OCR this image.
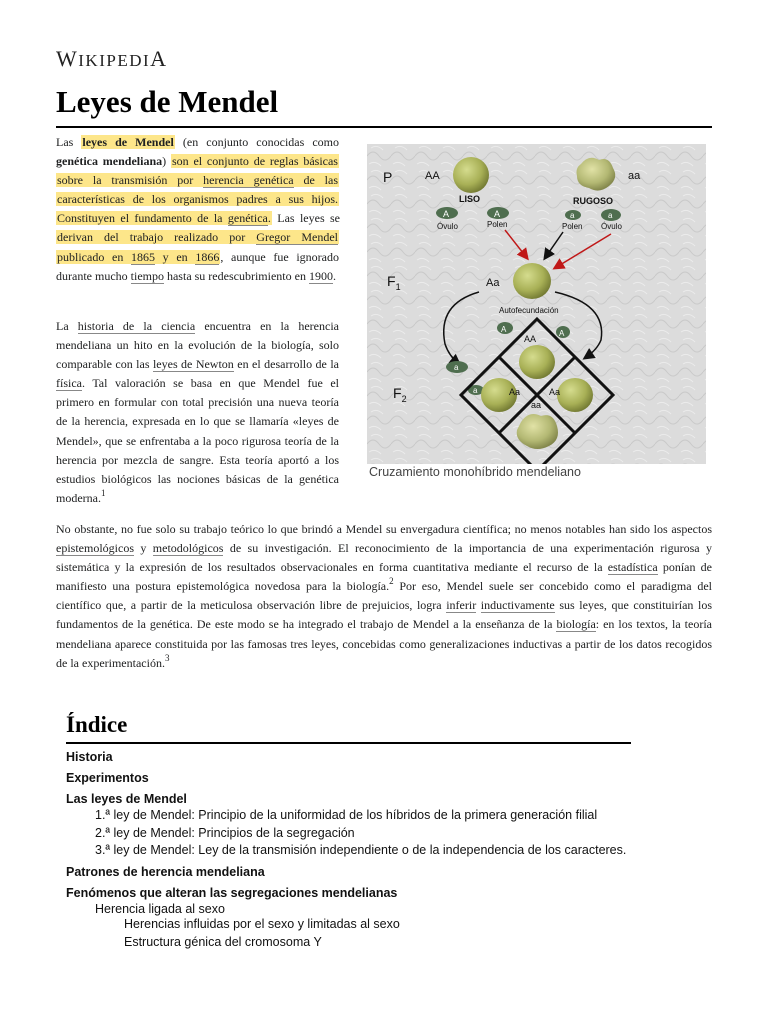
WIKIPEDIA
Leyes de Mendel
Las leyes de Mendel (en conjunto conocidas como genética mendeliana) son el conjunto de reglas básicas sobre la transmisión por herencia genética de las características de los organismos padres a sus hijos. Constituyen el fundamento de la genética. Las leyes se derivan del trabajo realizado por Gregor Mendel publicado en 1865 y en 1866, aunque fue ignorado durante mucho tiempo hasta su redescubrimiento en 1900.
La historia de la ciencia encuentra en la herencia mendeliana un hito en la evolución de la biología, solo comparable con las leyes de Newton en el desarrollo de la física. Tal valoración se basa en que Mendel fue el primero en formular con total precisión una nueva teoría de la herencia, expresada en lo que se llamaría «leyes de Mendel», que se enfrentaba a la poco rigurosa teoría de la herencia por mezcla de sangre. Esta teoría aportó a los estudios biológicos las nociones básicas de la genética moderna.$^1$
No obstante, no fue solo su trabajo teórico lo que brindó a Mendel su envergadura científica; no menos notables han sido los aspectos epistemológicos y metodológicos de su investigación. El reconocimiento de la importancia de una experimentación rigurosa y sistemática y la expresión de los resultados observacionales en forma cuantitativa mediante el recurso de la estadística ponían de manifiesto una postura epistemológica novedosa para la biología.$^2$ Por eso, Mendel suele ser concebido como el paradigma del científico que, a partir de la meticulosa observación libre de prejuicios, logra inferir inductivamente sus leyes, que constituirían los fundamentos de la genética. De este modo se ha integrado el trabajo de Mendel a la enseñanza de la biología: en los textos, la teoría mendeliana aparece constituida por las famosas tres leyes, concebidas como generalizaciones inductivas a partir de los datos recogidos de la experimentación.$^3$
P	AA
LISO
aa
RUGOSO
A
Óvulo
A
Polen
a
Polen
a
Óvulo
$F_1$	Aa
Autofecundación
A	A
a
a
$F_2$
AA
Aa	Aa
aa
Cruzamiento monohíbrido mendeliano
Índice
Historia
Experimentos
Las leyes de Mendel
1.ª ley de Mendel: Principio de la uniformidad de los híbridos de la primera generación filial
2.ª ley de Mendel: Principios de la segregación
3.ª ley de Mendel: Ley de la transmisión independiente o de la independencia de los caracteres.
Patrones de herencia mendeliana
Fenómenos que alteran las segregaciones mendelianas
Herencia ligada al sexo
Herencias influidas por el sexo y limitadas al sexo
Estructura génica del cromosoma Y
